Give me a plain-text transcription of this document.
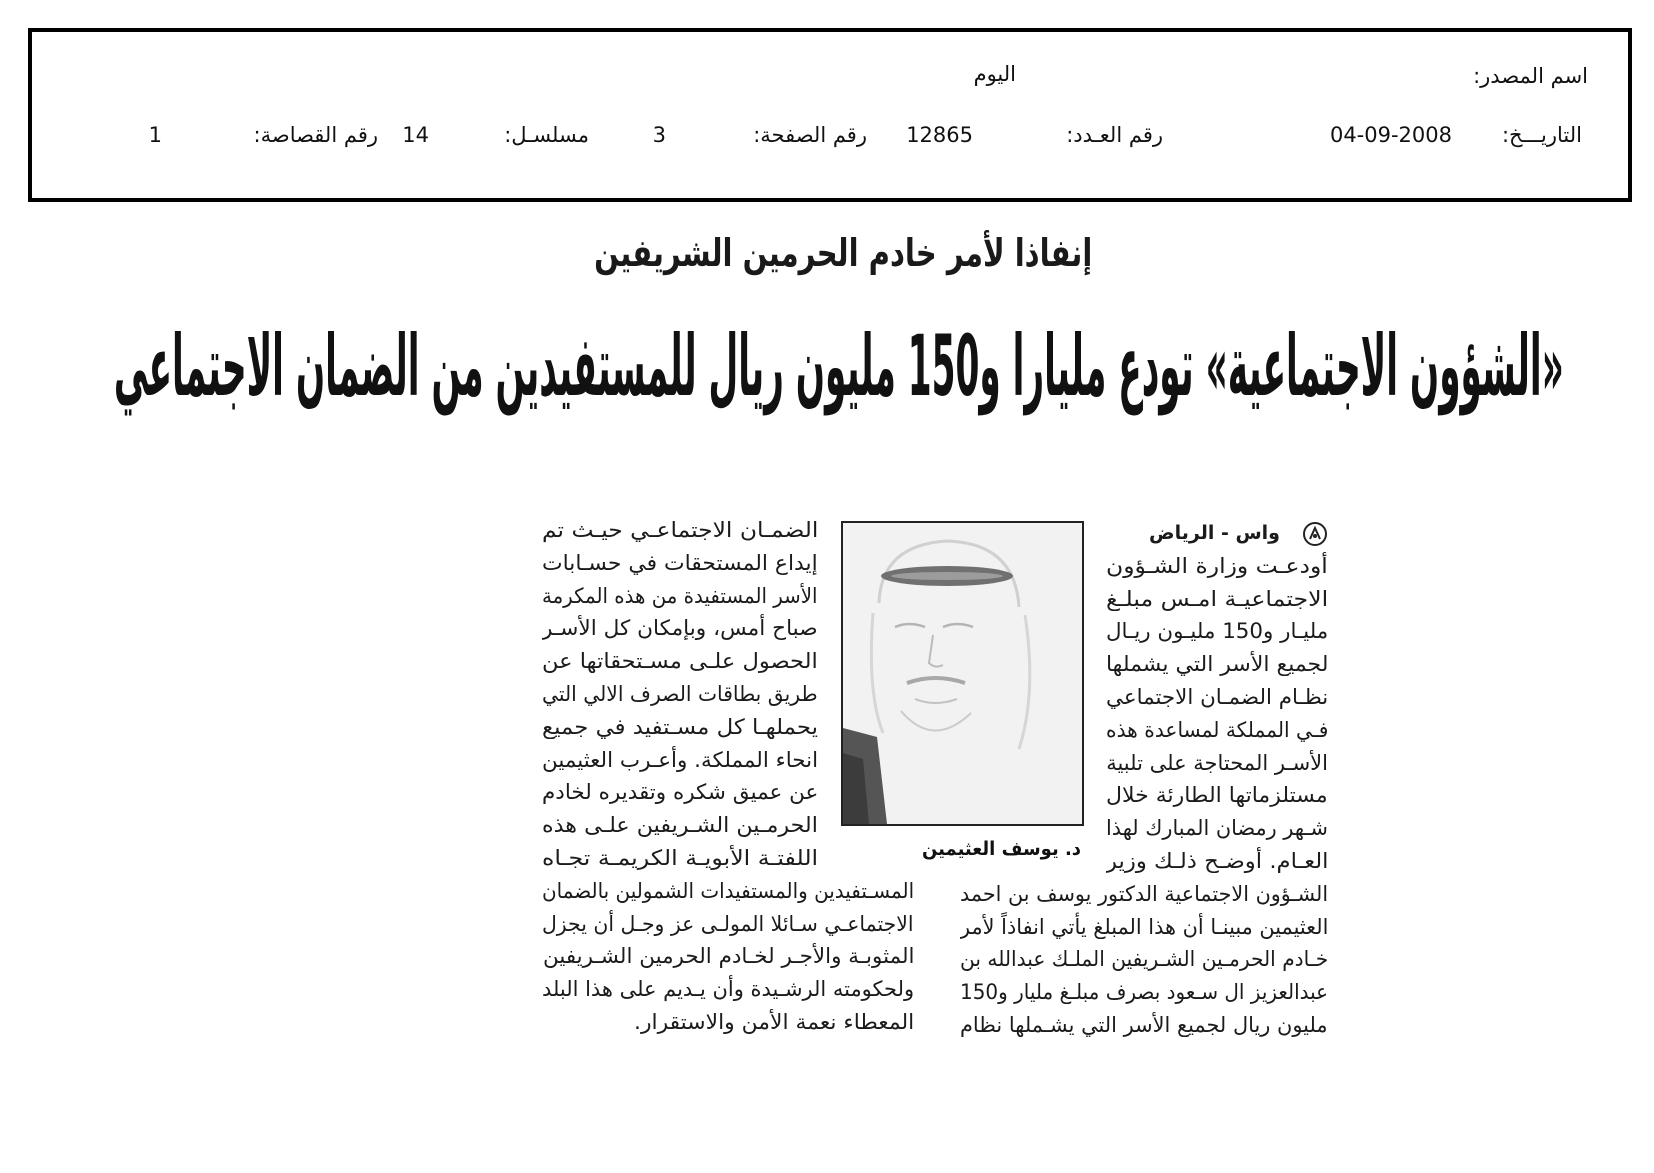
اسم المصدر:
اليوم
التاريـــخ:
04-09-2008
رقم العـدد:
12865
رقم الصفحة:
3
مسلسـل:
14
رقم القصاصة:
1
إنفاذا لأمر خادم الحرمين الشريفين
«الشؤون الاجتماعية» تودع مليارا و150 مليون ريال للمستفيدين من الضمان الاجتماعي
واس - الرياض
أودعـت وزارة الشـؤون
الاجتماعيـة امـس مبلـغ
مليـار و150 مليـون ريـال
لجميع الأسر التي يشملها
نظـام الضمـان الاجتماعي
فـي المملكة لمساعدة هذه
الأسـر المحتاجة على تلبية
مستلزماتها الطارئة خلال
شـهر رمضان المبارك لهذا
العـام. أوضـح ذلـك وزير
الشـؤون الاجتماعية الدكتور يوسف بن احمد
العثيمين مبينـا أن هذا المبلغ يأتي انفاذاً لأمر
خـادم الحرمـين الشـريفين الملـك عبدالله بن
عبدالعزيز ال سـعود بصرف مبلـغ مليار و150
مليون ريال لجميع الأسر التي يشـملها نظام
د. يوسف العثيمين
الضمـان الاجتماعـي حيـث تم
إيداع المستحقات في حسـابات
الأسر المستفيدة من هذه المكرمة
صباح أمس، وبإمكان كل الأسـر
الحصول علـى مسـتحقاتها عن
طريق بطاقات الصرف الالي التي
يحملهـا كل مسـتفيد في جميع
انحاء المملكة. وأعـرب العثيمين
عن عميق شكره وتقديره لخادم
الحرمـين الشـريفين علـى هذه
اللفتـة الأبويـة الكريمـة تجـاه
المسـتفيدين والمستفيدات الشمولين بالضمان
الاجتماعـي سـائلا المولـى عز وجـل أن يجزل
المثوبـة والأجـر لخـادم الحرمين الشـريفين
ولحكومته الرشـيدة وأن يـديم على هذا البلد
المعطاء نعمة الأمن والاستقرار.
